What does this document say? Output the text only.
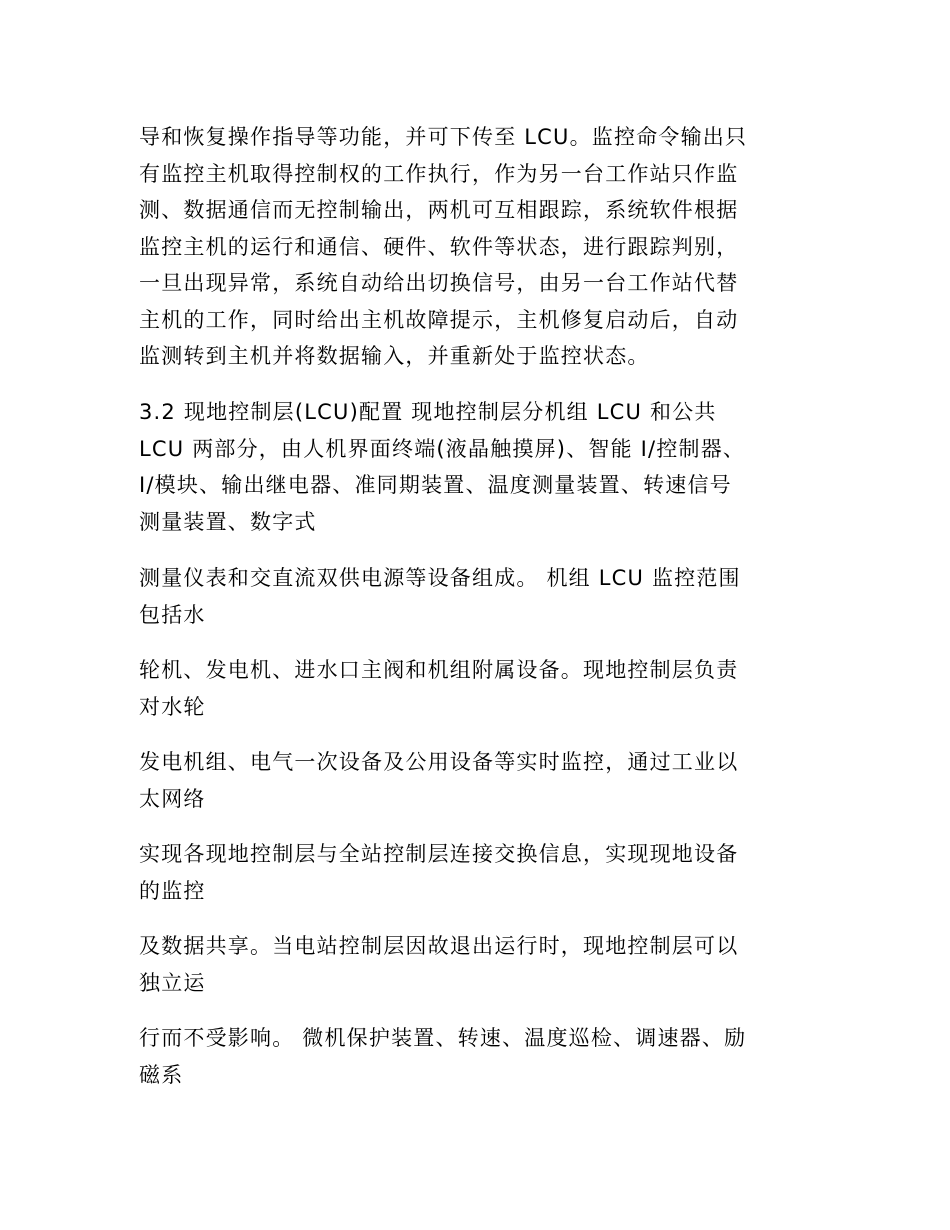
导和恢复操作指导等功能，并可下传至 LCU。监控命令输出只
有监控主机取得控制权的工作执行，作为另一台工作站只作监
测、数据通信而无控制输出，两机可互相跟踪，系统软件根据
监控主机的运行和通信、硬件、软件等状态，进行跟踪判别，
一旦出现异常，系统自动给出切换信号，由另一台工作站代替
主机的工作，同时给出主机故障提示，主机修复启动后，自动
监测转到主机并将数据输入，并重新处于监控状态。
3.2 现地控制层(LCU)配置 现地控制层分机组 LCU 和公共
LCU 两部分，由人机界面终端(液晶触摸屏)、智能 I/控制器、
I/模块、输出继电器、准同期装置、温度测量装置、转速信号
测量装置、数字式
测量仪表和交直流双供电源等设备组成。 机组 LCU 监控范围
包括水
轮机、发电机、进水口主阀和机组附属设备。现地控制层负责
对水轮
发电机组、电气一次设备及公用设备等实时监控，通过工业以
太网络
实现各现地控制层与全站控制层连接交换信息，实现现地设备
的监控
及数据共享。当电站控制层因故退出运行时，现地控制层可以
独立运
行而不受影响。 微机保护装置、转速、温度巡检、调速器、励
磁系
